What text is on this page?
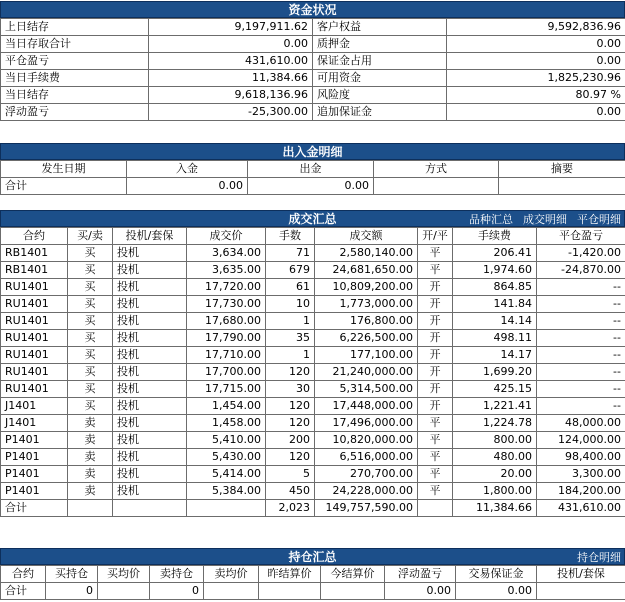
资金状况
上日结存	9,197,911.62	客户权益	9,592,836.96
当日存取合计	0.00	质押金	0.00
平仓盈亏	431,610.00	保证金占用	0.00
当日手续费	11,384.66	可用资金	1,825,230.96
当日结存	9,618,136.96	风险度	80.97 %
浮动盈亏	-25,300.00	追加保证金	0.00
出入金明细
发生日期	入金	出金	方式	摘要
合计	0.00	0.00		
成交汇总	品种汇总 成交明细 平仓明细
合约	买/卖	投机/套保	成交价	手数	成交额	开/平	手续费	平仓盈亏
RB1401	买	投机	3,634.00	71	2,580,140.00	平	206.41	-1,420.00
RB1401	买	投机	3,635.00	679	24,681,650.00	平	1,974.60	-24,870.00
RU1401	买	投机	17,720.00	61	10,809,200.00	开	864.85	--
RU1401	买	投机	17,730.00	10	1,773,000.00	开	141.84	--
RU1401	买	投机	17,680.00	1	176,800.00	开	14.14	--
RU1401	买	投机	17,790.00	35	6,226,500.00	开	498.11	--
RU1401	买	投机	17,710.00	1	177,100.00	开	14.17	--
RU1401	买	投机	17,700.00	120	21,240,000.00	开	1,699.20	--
RU1401	买	投机	17,715.00	30	5,314,500.00	开	425.15	--
J1401	买	投机	1,454.00	120	17,448,000.00	开	1,221.41	--
J1401	卖	投机	1,458.00	120	17,496,000.00	平	1,224.78	48,000.00
P1401	卖	投机	5,410.00	200	10,820,000.00	平	800.00	124,000.00
P1401	卖	投机	5,430.00	120	6,516,000.00	平	480.00	98,400.00
P1401	卖	投机	5,414.00	5	270,700.00	平	20.00	3,300.00
P1401	卖	投机	5,384.00	450	24,228,000.00	平	1,800.00	184,200.00
合计				2,023	149,757,590.00		11,384.66	431,610.00
持仓汇总	持仓明细
合约	买持仓	买均价	卖持仓	卖均价	昨结算价	今结算价	浮动盈亏	交易保证金	投机/套保
合计	0		0				0.00	0.00	
